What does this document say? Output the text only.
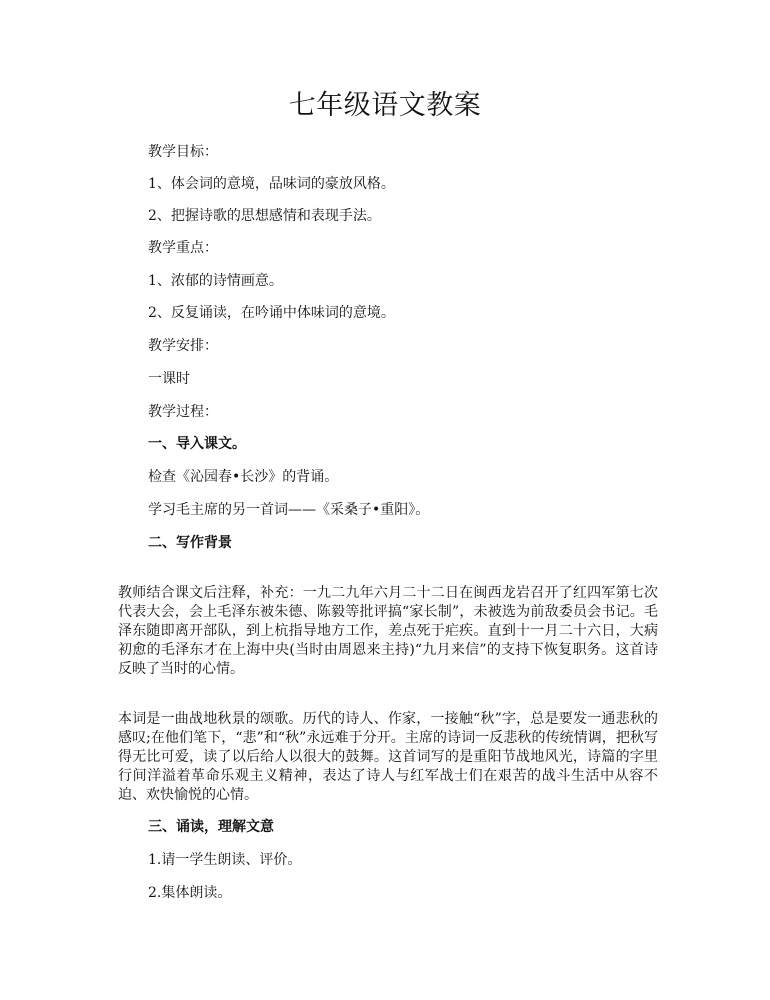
七年级语文教案

教学目标：

1、体会词的意境，品味词的豪放风格。

2、把握诗歌的思想感情和表现手法。

教学重点：

1、浓郁的诗情画意。

2、反复诵读，在吟诵中体味词的意境。

教学安排：

一课时

教学过程：

一、导入课文。

检查《沁园春•长沙》的背诵。

学习毛主席的另一首词——《采桑子•重阳》。

二、写作背景

教师结合课文后注释，补充：一九二九年六月二十二日在闽西龙岩召开了红四军第七次代表大会，会上毛泽东被朱德、陈毅等批评搞“家长制”，未被选为前敌委员会书记。毛泽东随即离开部队，到上杭指导地方工作，差点死于疟疾。直到十一月二十六日，大病初愈的毛泽东才在上海中央(当时由周恩来主持)“九月来信”的支持下恢复职务。这首诗反映了当时的心情。

本词是一曲战地秋景的颂歌。历代的诗人、作家，一接触“秋”字，总是要发一通悲秋的感叹;在他们笔下，“悲”和“秋”永远难于分开。主席的诗词一反悲秋的传统情调，把秋写得无比可爱，读了以后给人以很大的鼓舞。这首词写的是重阳节战地风光，诗篇的字里行间洋溢着革命乐观主义精神，表达了诗人与红军战士们在艰苦的战斗生活中从容不迫、欢快愉悦的心情。

三、诵读，理解文意

1.请一学生朗读、评价。

2.集体朗读。
